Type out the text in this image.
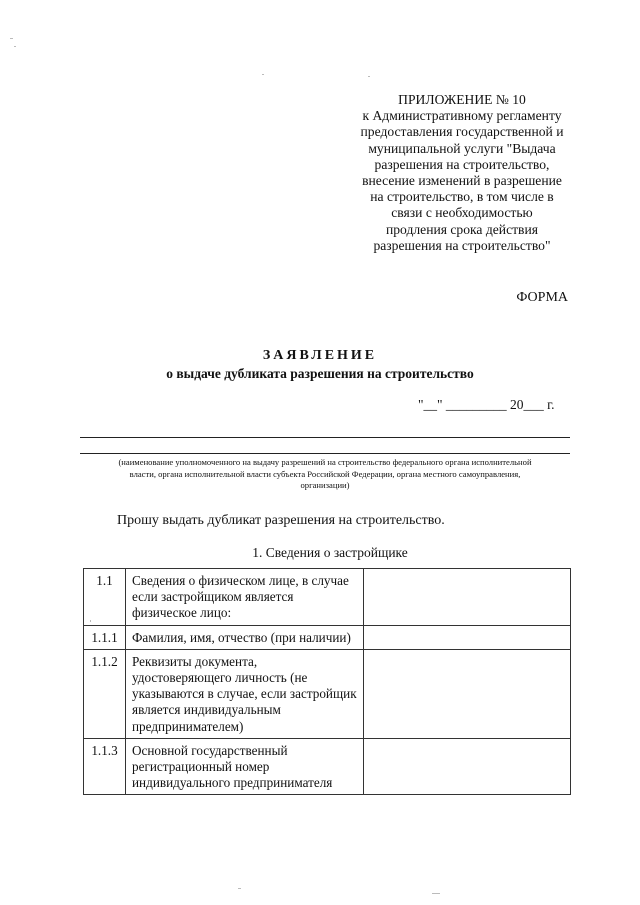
ПРИЛОЖЕНИЕ № 10
к Административному регламенту
предоставления государственной и
муниципальной услуги "Выдача
разрешения на строительство,
внесение изменений в разрешение
на строительство, в том числе в
связи с необходимостью
продления срока действия
разрешения на строительство"
ФОРМА
ЗАЯВЛЕНИЕ
о выдаче дубликата разрешения на строительство
"__" _________ 20___ г.
(наименование уполномоченного на выдачу разрешений на строительство федерального органа исполнительной
власти, органа исполнительной власти субъекта Российской Федерации, органа местного самоуправления,
организации)
Прошу выдать дубликат разрешения на строительство.
1. Сведения о застройщике
1.1	Сведения о физическом лице, в случае если застройщиком является физическое лицо:	
1.1.1	Фамилия, имя, отчество (при наличии)	
1.1.2	Реквизиты документа, удостоверяющего личность (не указываются в случае, если застройщик является индивидуальным предпринимателем)	
1.1.3	Основной государственный регистрационный номер индивидуального предпринимателя	
